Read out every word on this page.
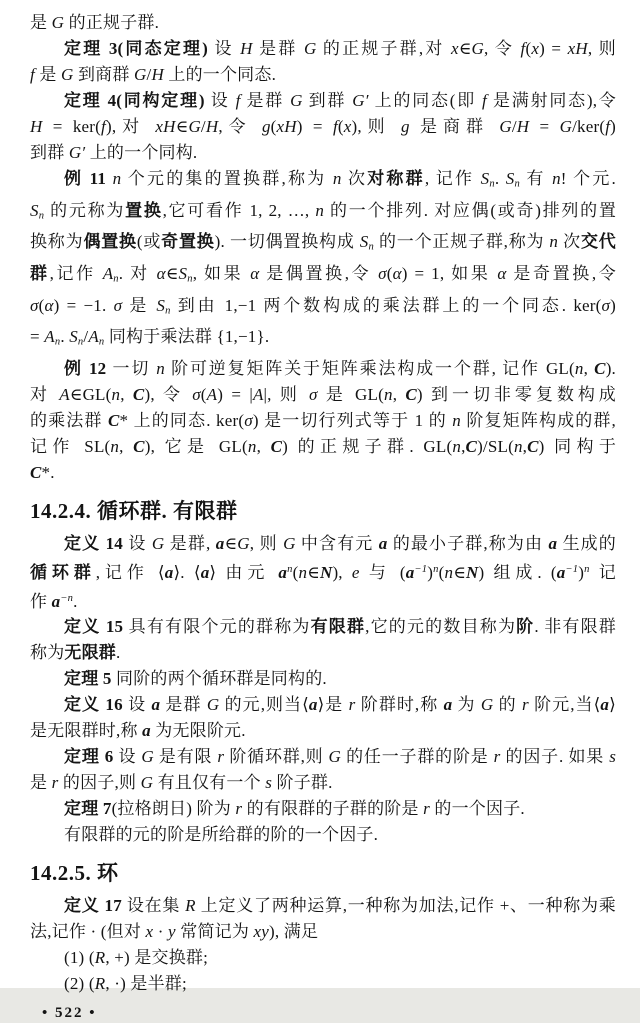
是 G 的正规子群.
定理 3(同态定理) 设 H 是群 G 的正规子群,对 x∈G, 令 f(x) = xH, 则
f 是 G 到商群 G/H 上的一个同态.
定理 4(同构定理) 设 f 是群 G 到群 G′ 上的同态(即 f 是满射同态),令
H = ker(f),对 xH∈G/H,令 g(xH) = f(x),则 g 是商群 G/H = G/ker(f)
到群 G′ 上的一个同构.
例 11 n 个元的集的置换群,称为 n 次对称群, 记作 Sn. Sn 有 n! 个元.
Sn 的元称为置换,它可看作 1, 2, …, n 的一个排列. 对应偶(或奇)排列的置
换称为偶置换(或奇置换). 一切偶置换构成 Sn 的一个正规子群,称为 n 次交代
群,记作 An. 对 α∈Sn, 如果 α 是偶置换,令 σ(α) = 1, 如果 α 是奇置换,令
σ(α) = −1. σ 是 Sn 到由 1,−1 两个数构成的乘法群上的一个同态. ker(σ)
= An. Sn/An 同构于乘法群 {1,−1}.
例 12 一切 n 阶可逆复矩阵关于矩阵乘法构成一个群, 记作 GL(n, C).
对 A∈GL(n, C), 令 σ(A) = |A|, 则 σ 是 GL(n, C) 到一切非零复数构成
的乘法群 C* 上的同态. ker(σ) 是一切行列式等于 1 的 n 阶复矩阵构成的群,
记作 SL(n, C), 它是 GL(n, C) 的正规子群. GL(n,C)/SL(n,C) 同构于
C*.
14.2.4. 循环群. 有限群
定义 14 设 G 是群, a∈G, 则 G 中含有元 a 的最小子群,称为由 a 生成的
循环群,记作 ⟨a⟩. ⟨a⟩ 由元 $a^n(n\in N)$, e 与 $(a^{-1})^n(n\in N)$ 组成. $(a^{-1})^n$ 记
作 $a^{-n}$.
定义 15 具有有限个元的群称为有限群,它的元的数目称为阶. 非有限群
称为无限群.
定理 5 同阶的两个循环群是同构的.
定义 16 设 a 是群 G 的元,则当⟨a⟩是 r 阶群时,称 a 为 G 的 r 阶元,当⟨a⟩
是无限群时,称 a 为无限阶元.
定理 6 设 G 是有限 r 阶循环群,则 G 的任一子群的阶是 r 的因子. 如果 s
是 r 的因子,则 G 有且仅有一个 s 阶子群.
定理 7(拉格朗日) 阶为 r 的有限群的子群的阶是 r 的一个因子.
有限群的元的阶是所给群的阶的一个因子.
14.2.5. 环
定义 17 设在集 R 上定义了两种运算,一种称为加法,记作 +、一种称为乘
法,记作 · (但对 x · y 常简记为 xy), 满足
(1) (R, +) 是交换群;
(2) (R, ·) 是半群;
• 522 •
